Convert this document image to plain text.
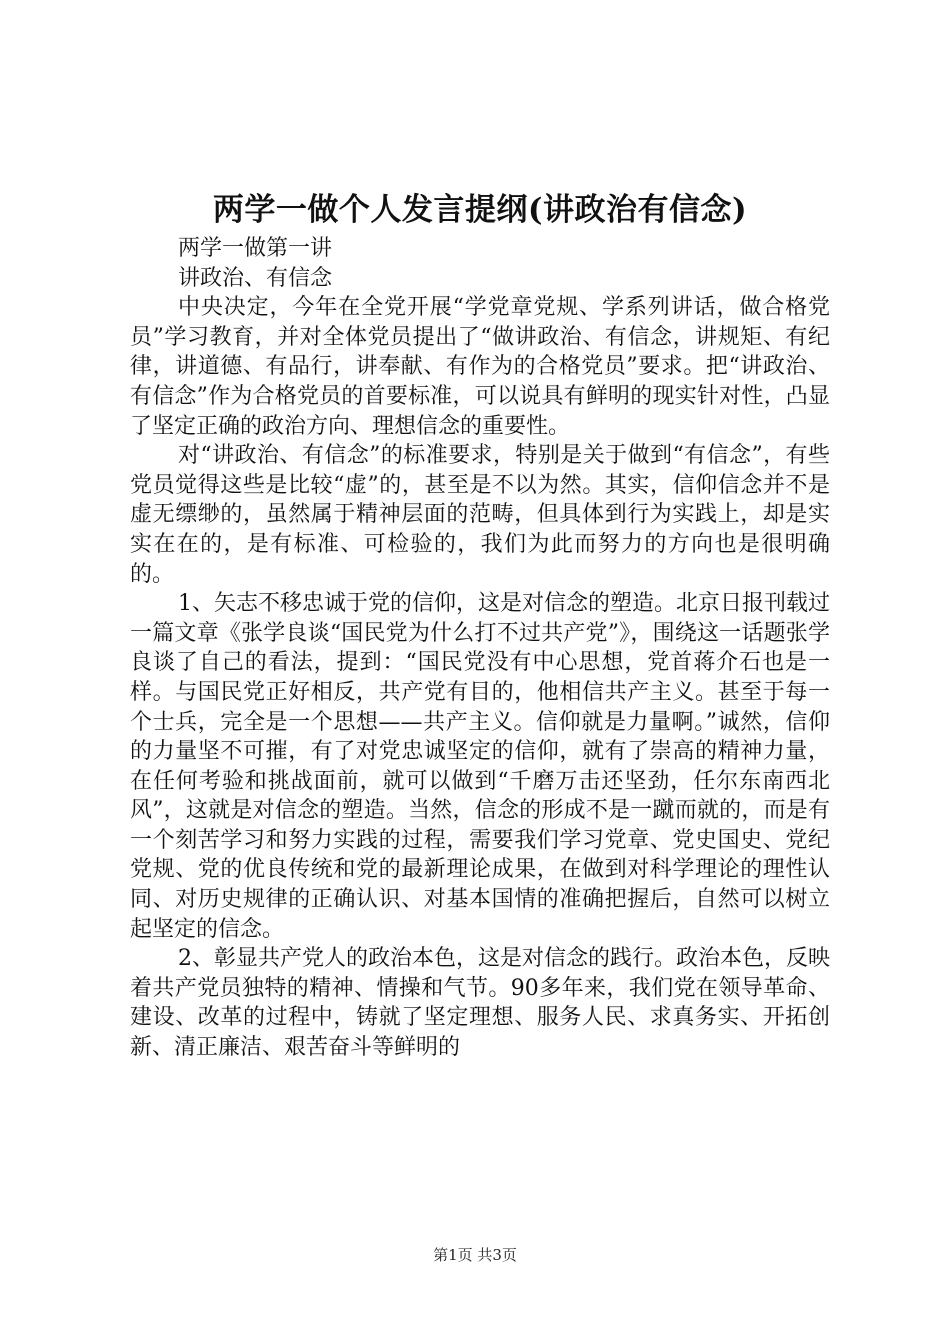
两学一做个人发言提纲(讲政治有信念)

两学一做第一讲

讲政治、有信念

中央决定，今年在全党开展“学党章党规、学系列讲话，做合格党员”学习教育，并对全体党员提出了“做讲政治、有信念，讲规矩、有纪律，讲道德、有品行，讲奉献、有作为的合格党员”要求。把“讲政治、有信念”作为合格党员的首要标准，可以说具有鲜明的现实针对性，凸显了坚定正确的政治方向、理想信念的重要性。

对“讲政治、有信念”的标准要求，特别是关于做到“有信念”，有些党员觉得这些是比较“虚”的，甚至是不以为然。其实，信仰信念并不是虚无缥缈的，虽然属于精神层面的范畴，但具体到行为实践上，却是实实在在的，是有标准、可检验的，我们为此而努力的方向也是很明确的。

1、矢志不移忠诚于党的信仰，这是对信念的塑造。北京日报刊载过一篇文章《张学良谈“国民党为什么打不过共产党”》，围绕这一话题张学良谈了自己的看法，提到：“国民党没有中心思想，党首蒋介石也是一样。与国民党正好相反，共产党有目的，他相信共产主义。甚至于每一个士兵，完全是一个思想——共产主义。信仰就是力量啊。”诚然，信仰的力量坚不可摧，有了对党忠诚坚定的信仰，就有了崇高的精神力量，在任何考验和挑战面前，就可以做到“千磨万击还坚劲，任尔东南西北风”，这就是对信念的塑造。当然，信念的形成不是一蹴而就的，而是有一个刻苦学习和努力实践的过程，需要我们学习党章、党史国史、党纪党规、党的优良传统和党的最新理论成果，在做到对科学理论的理性认同、对历史规律的正确认识、对基本国情的准确把握后，自然可以树立起坚定的信念。

2、彰显共产党人的政治本色，这是对信念的践行。政治本色，反映着共产党员独特的精神、情操和气节。90多年来，我们党在领导革命、建设、改革的过程中，铸就了坚定理想、服务人民、求真务实、开拓创新、清正廉洁、艰苦奋斗等鲜明的

第1页 共3页
